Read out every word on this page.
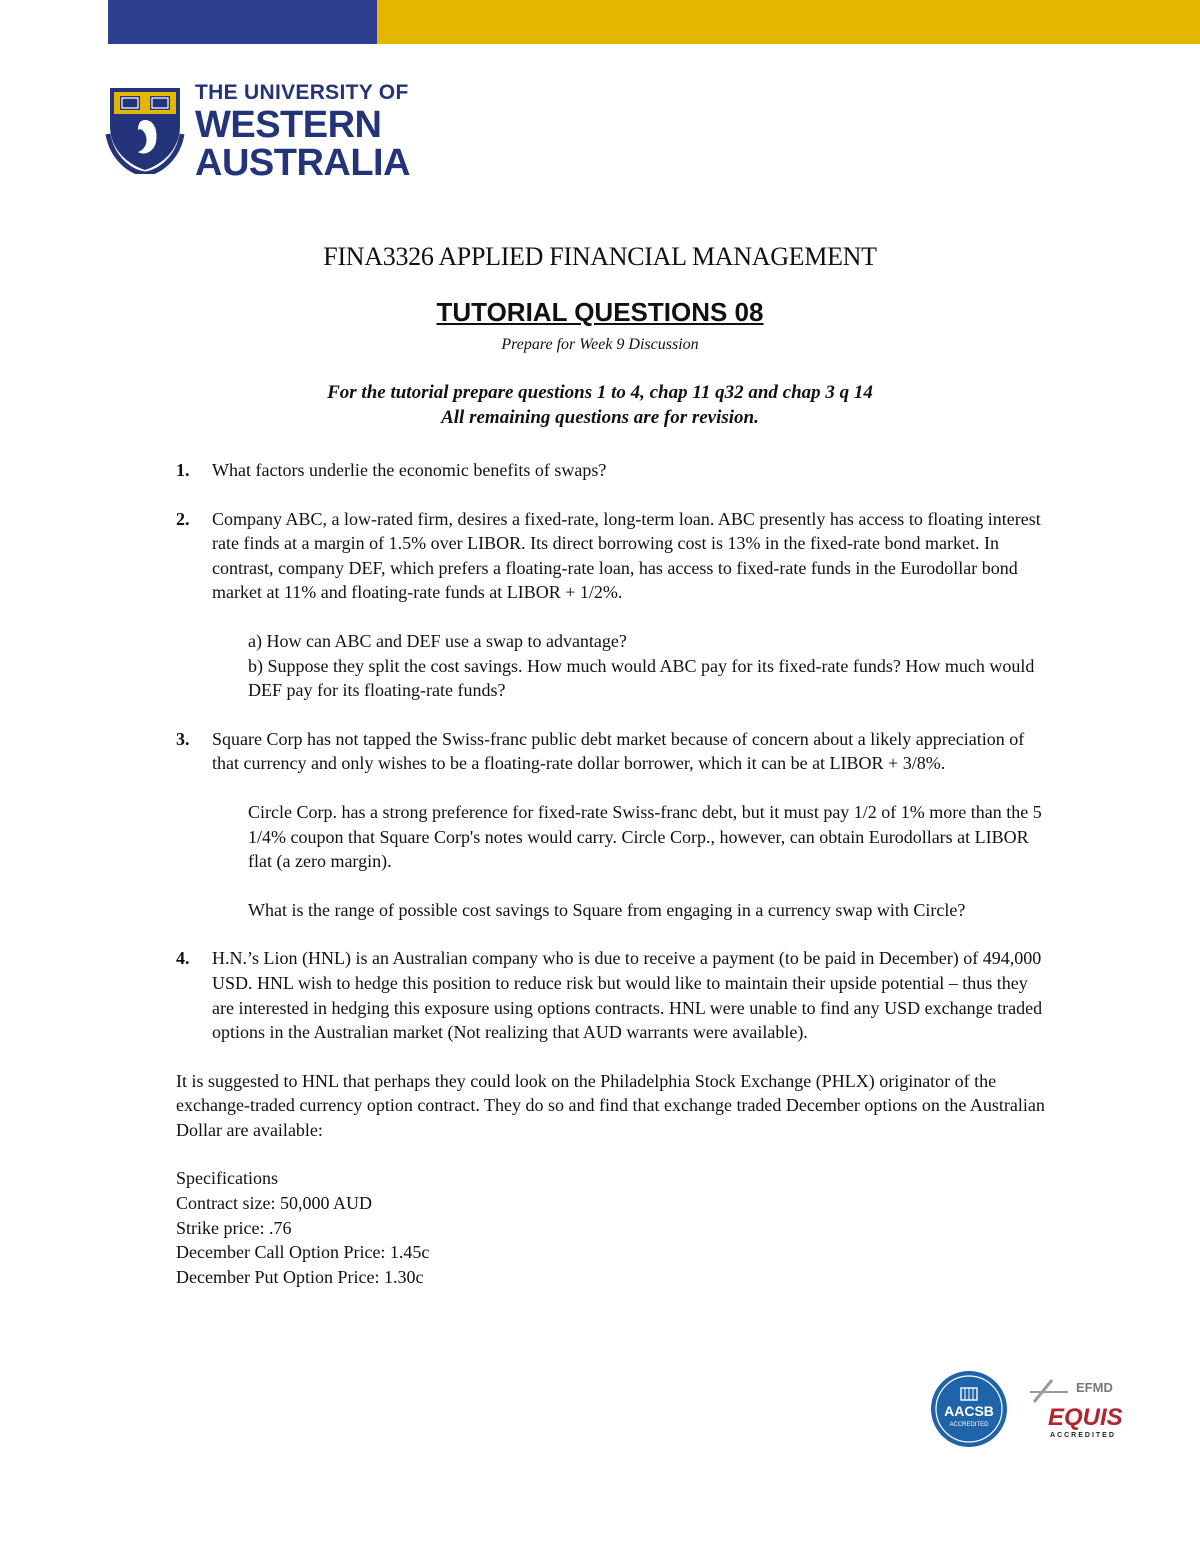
THE UNIVERSITY OF
WESTERN
AUSTRALIA
FINA3326 APPLIED FINANCIAL MANAGEMENT
TUTORIAL QUESTIONS 08
Prepare for Week 9 Discussion
For the tutorial prepare questions 1 to 4, chap 11 q32 and chap 3 q 14
All remaining questions are for revision.
1. What factors underlie the economic benefits of swaps?

2. Company ABC, a low-rated firm, desires a fixed-rate, long-term loan. ABC presently has access to floating interest rate finds at a margin of 1.5% over LIBOR. Its direct borrowing cost is 13% in the fixed-rate bond market. In contrast, company DEF, which prefers a floating-rate loan, has access to fixed-rate funds in the Eurodollar bond market at 11% and floating-rate funds at LIBOR + 1/2%.

a) How can ABC and DEF use a swap to advantage?

b) Suppose they split the cost savings. How much would ABC pay for its fixed-rate funds? How much would DEF pay for its floating-rate funds?

3. Square Corp has not tapped the Swiss-franc public debt market because of concern about a likely appreciation of that currency and only wishes to be a floating-rate dollar borrower, which it can be at LIBOR + 3/8%.

Circle Corp. has a strong preference for fixed-rate Swiss-franc debt, but it must pay 1/2 of 1% more than the 5 1/4% coupon that Square Corp's notes would carry. Circle Corp., however, can obtain Eurodollars at LIBOR flat (a zero margin).

What is the range of possible cost savings to Square from engaging in a currency swap with Circle?

4. H.N.’s Lion (HNL) is an Australian company who is due to receive a payment (to be paid in December) of 494,000 USD. HNL wish to hedge this position to reduce risk but would like to maintain their upside potential – thus they are interested in hedging this exposure using options contracts. HNL were unable to find any USD exchange traded options in the Australian market (Not realizing that AUD warrants were available).

It is suggested to HNL that perhaps they could look on the Philadelphia Stock Exchange (PHLX) originator of the exchange-traded currency option contract. They do so and find that exchange traded December options on the Australian Dollar are available:

Specifications

Contract size: 50,000 AUD

Strike price: .76

December Call Option Price: 1.45c

December Put Option Price: 1.30c

AACSB
ACCREDITED
EFMD
EQUIS
ACCREDITED
